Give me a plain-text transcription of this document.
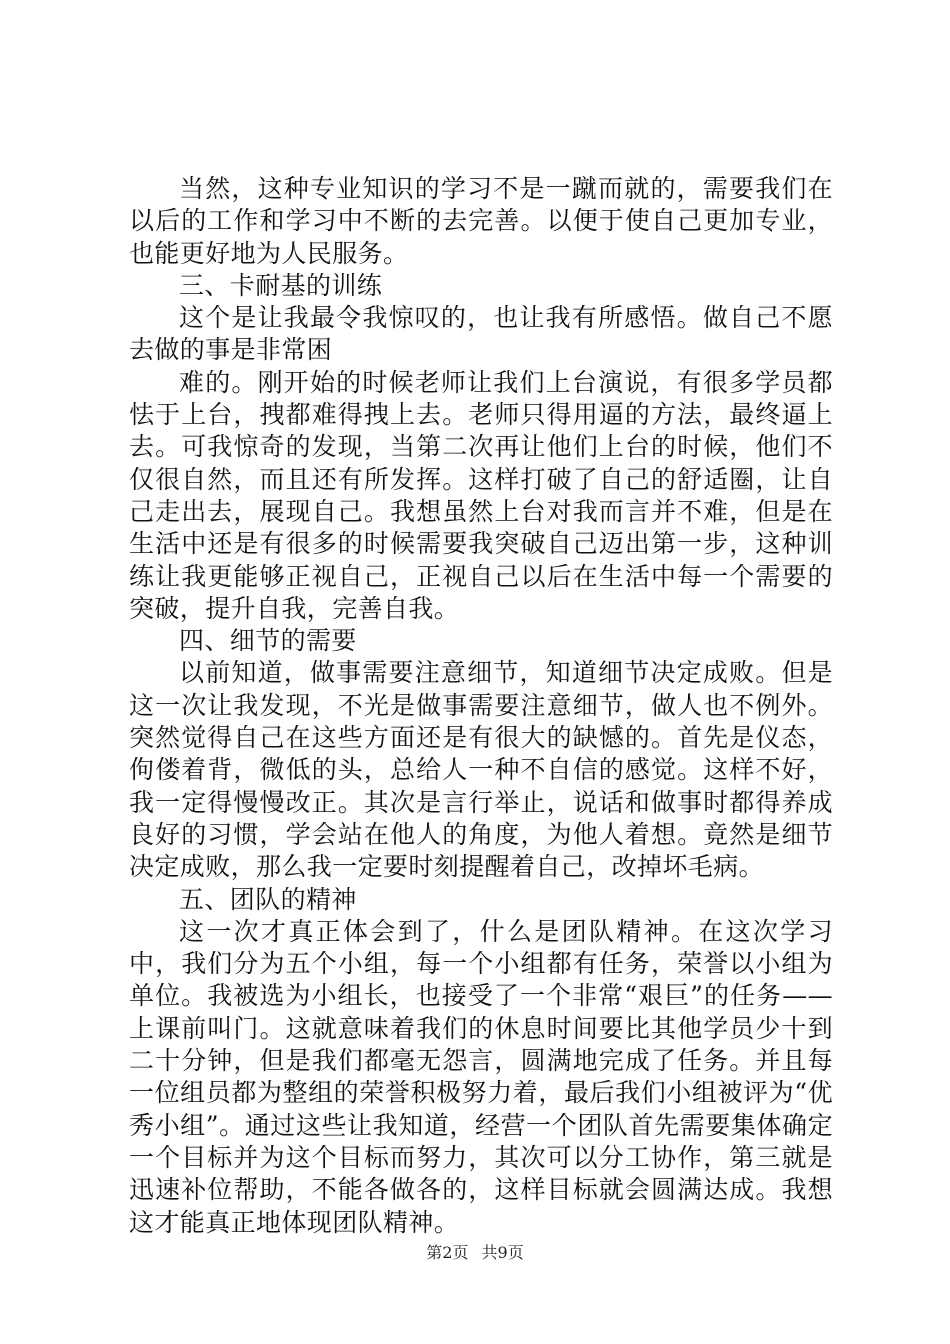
当然，这种专业知识的学习不是一蹴而就的，需要我们在以后的工作和学习中不断的去完善。以便于使自己更加专业，也能更好地为人民服务。

三、卡耐基的训练

这个是让我最令我惊叹的，也让我有所感悟。做自己不愿去做的事是非常困

难的。刚开始的时候老师让我们上台演说，有很多学员都怯于上台，拽都难得拽上去。老师只得用逼的方法，最终逼上去。可我惊奇的发现，当第二次再让他们上台的时候，他们不仅很自然，而且还有所发挥。这样打破了自己的舒适圈，让自己走出去，展现自己。我想虽然上台对我而言并不难，但是在生活中还是有很多的时候需要我突破自己迈出第一步，这种训练让我更能够正视自己，正视自己以后在生活中每一个需要的突破，提升自我，完善自我。

四、细节的需要

以前知道，做事需要注意细节，知道细节决定成败。但是这一次让我发现，不光是做事需要注意细节，做人也不例外。突然觉得自己在这些方面还是有很大的缺憾的。首先是仪态，佝偻着背，微低的头，总给人一种不自信的感觉。这样不好，我一定得慢慢改正。其次是言行举止，说话和做事时都得养成良好的习惯，学会站在他人的角度，为他人着想。竟然是细节决定成败，那么我一定要时刻提醒着自己，改掉坏毛病。

五、团队的精神

这一次才真正体会到了，什么是团队精神。在这次学习中，我们分为五个小组，每一个小组都有任务，荣誉以小组为单位。我被选为小组长，也接受了一个非常“艰巨”的任务——上课前叫门。这就意味着我们的休息时间要比其他学员少十到二十分钟，但是我们都毫无怨言，圆满地完成了任务。并且每一位组员都为整组的荣誉积极努力着，最后我们小组被评为“优秀小组”。通过这些让我知道，经营一个团队首先需要集体确定一个目标并为这个目标而努力，其次可以分工协作，第三就是迅速补位帮助，不能各做各的，这样目标就会圆满达成。我想这才能真正地体现团队精神。

第2页 共9页
